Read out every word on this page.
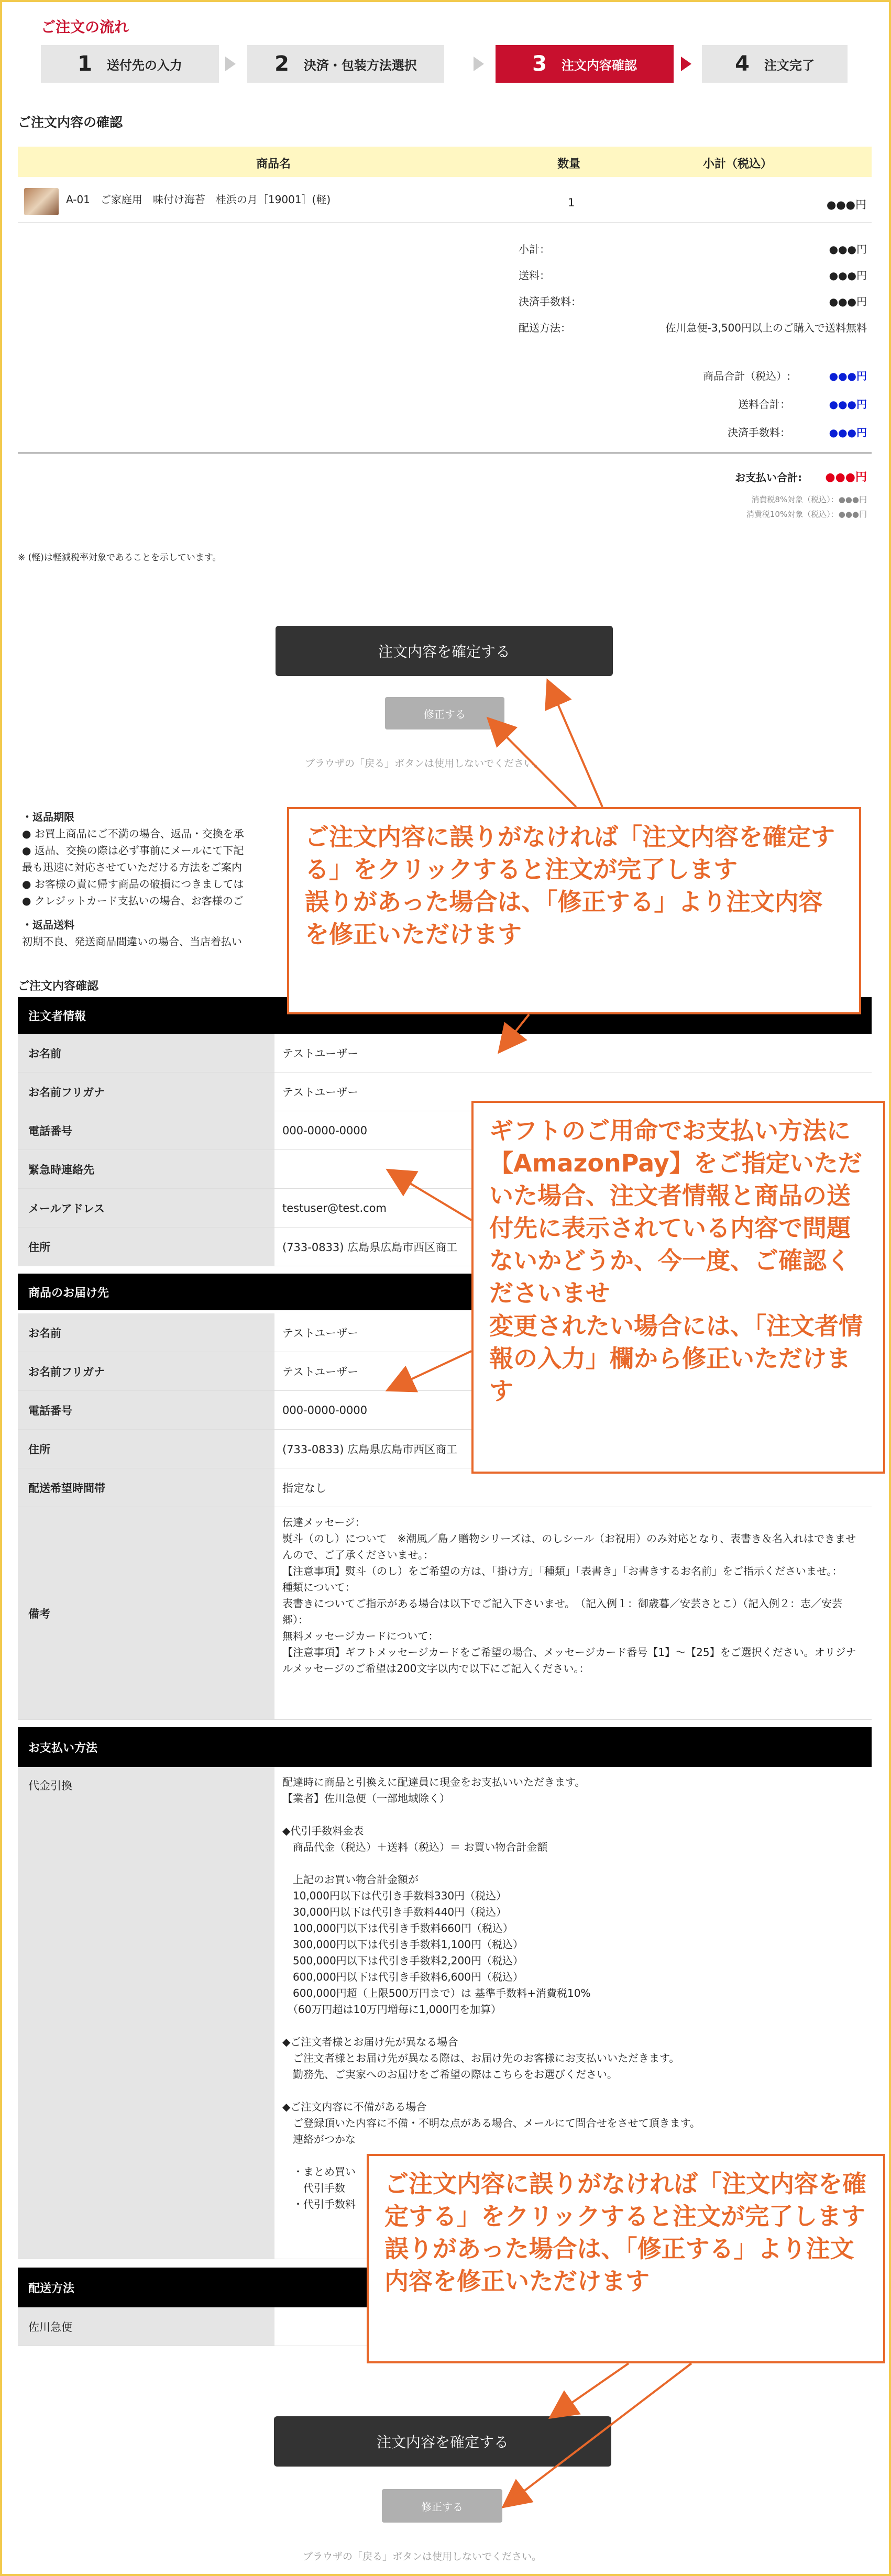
ご注文の流れ
1 送付先の入力	2 決済・包装方法選択	3 注文内容確認	4 注文完了
ご注文内容の確認
商品名	数量	小計（税込）
A-01　ご家庭用　味付け海苔　桂浜の月［19001］(軽)	1	●●●円
小計：	●●●円
送料：	●●●円
決済手数料：	●●●円
配送方法：	佐川急便-3,500円以上のご購入で送料無料
商品合計（税込）:	●●●円
送料合計：	●●●円
決済手数料：	●●●円
お支払い合計: ●●●円
消費税8%対象（税込）：●●●円
消費税10%対象（税込）：●●●円
※ (軽)は軽減税率対象であることを示しています。
注文内容を確定する
修正する
ブラウザの「戻る」ボタンは使用しないでください。
・返品期限
● お買上商品にご不満の場合、返品・交換を承
● 返品、交換の際は必ず事前にメールにて下記
最も迅速に対応させていただける方法をご案内
● お客様の責に帰す商品の破損につきましては
● クレジットカード支払いの場合、お客様のご
・返品送料
初期不良、発送商品間違いの場合、当店着払い
ご注文内容確認
注文者情報
お名前	テストユーザー
お名前フリガナ	テストユーザー
電話番号	000-0000-0000
緊急時連絡先
メールアドレス	testuser@test.com
住所	(733-0833) 広島県広島市西区商工
商品のお届け先
お名前	テストユーザー
お名前フリガナ	テストユーザー
電話番号	000-0000-0000
住所	(733-0833) 広島県広島市西区商工
配送希望時間帯	指定なし
備考
伝達メッセージ：
熨斗（のし）について　※潮風／島ノ贈物シリーズは、のしシール（お祝用）のみ対応となり、表書き＆名入れはできませんので、ご了承くださいませ。：
【注意事項】熨斗（のし）をご希望の方は、「掛け方」「種類」「表書き」「お書きするお名前」をご指示くださいませ。：
種類について：
表書きについてご指示がある場合は以下でご記入下さいませ。　（記入例１：御歳暮／安芸さとこ）（記入例２：志／安芸郷）：
無料メッセージカードについて：
【注意事項】ギフトメッセージカードをご希望の場合、メッセージカード番号【1】～【25】をご選択ください。オリジナルメッセージのご希望は200文字以内で以下にご記入ください。：
お支払い方法
代金引換	配達時に商品と引換えに配達員に現金をお支払いいただきます。
【業者】佐川急便（一部地域除く）

◆代引手数料金表
　商品代金（税込）＋送料（税込）＝ お買い物合計金額

　上記のお買い物合計金額が
　10,000円以下は代引き手数料330円（税込）
　30,000円以下は代引き手数料440円（税込）
　100,000円以下は代引き手数料660円（税込）
　300,000円以下は代引き手数料1,100円（税込）
　500,000円以下は代引き手数料2,200円（税込）
　600,000円以下は代引き手数料6,600円（税込）
　600,000円超（上限500万円まで）は 基準手数料+消費税10%
　（60万円超は10万円増毎に1,000円を加算）

◆ご注文者様とお届け先が異なる場合
　ご注文者様とお届け先が異なる際は、お届け先のお客様にお支払いいただきます。
　勤務先、ご実家へのお届けをご希望の際はこちらをお選びください。

◆ご注文内容に不備がある場合
　ご登録頂いた内容に不備・不明な点がある場合、メールにて問合せをさせて頂きます。
　連絡がつかな

　・まとめ買い
　　代引手数
　・代引手数料
配送方法
佐川急便
注文内容を確定する
修正する
ブラウザの「戻る」ボタンは使用しないでください。
ご注文内容に誤りがなければ「注文内容を確定する」をクリックすると注文が完了します
誤りがあった場合は、「修正する」より注文内容を修正いただけます
ギフトのご用命でお支払い方法に【AmazonPay】をご指定いただいた場合、注文者情報と商品の送付先に表示されている内容で問題ないかどうか、今一度、ご確認くださいませ
変更されたい場合には、「注文者情報の入力」欄から修正いただけます
ご注文内容に誤りがなければ「注文内容を確定する」をクリックすると注文が完了します
誤りがあった場合は、「修正する」より注文内容を修正いただけます
